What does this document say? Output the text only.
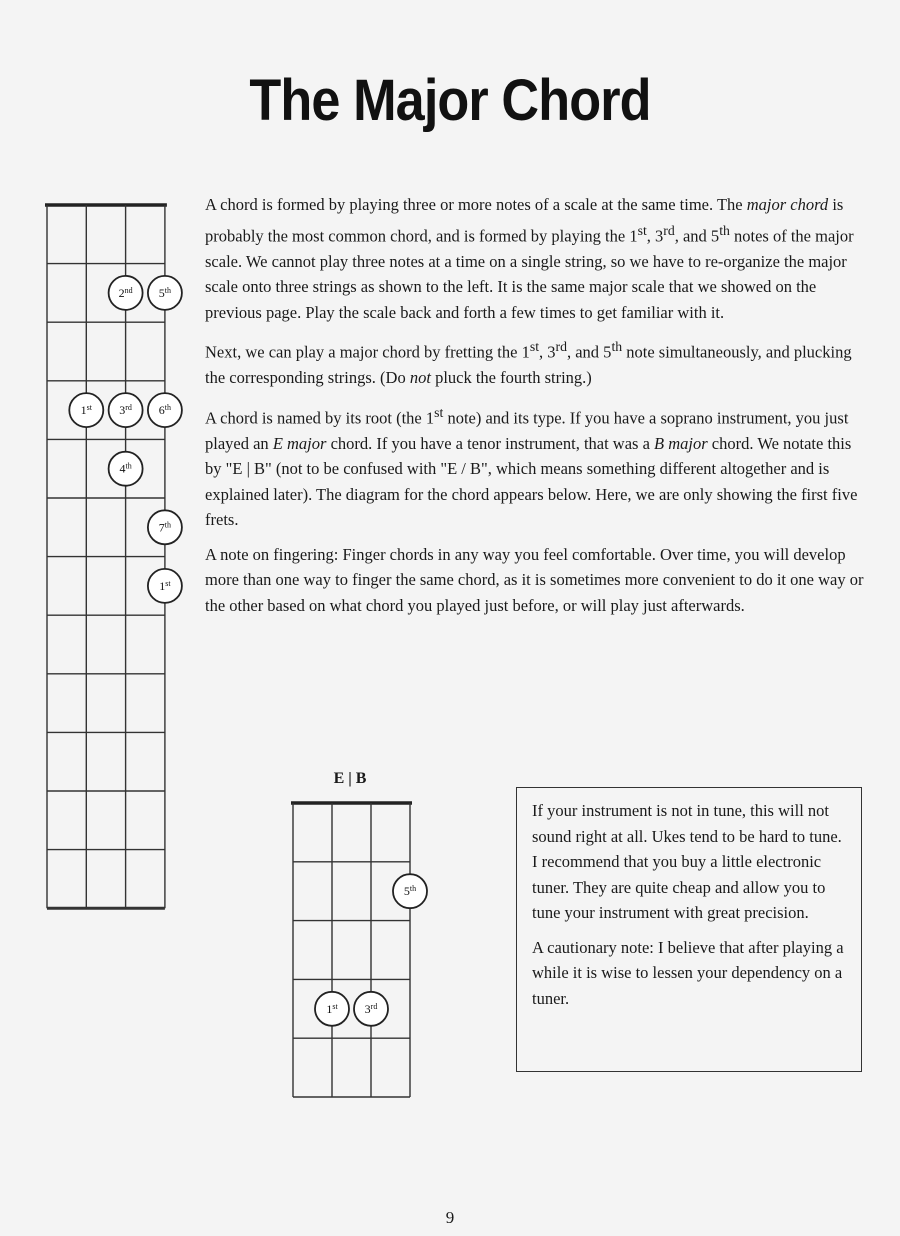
The Major Chord
2nd 5th
1st 3rd 6th
4th
7th
1st
5th
1st 3rd

A chord is formed by playing three or more notes of a scale at the same time. The major chord is probably the most common chord, and is formed by playing the 1st, 3rd, and 5th notes of the major scale. We cannot play three notes at a time on a single string, so we have to re-organize the major scale onto three strings as shown to the left. It is the same major scale that we showed on the previous page. Play the scale back and forth a few times to get familiar with it.

Next, we can play a major chord by fretting the 1st, 3rd, and 5th note simultaneously, and plucking the corresponding strings. (Do not pluck the fourth string.)

A chord is named by its root (the 1st note) and its type. If you have a soprano instrument, you just played an E major chord. If you have a tenor instrument, that was a B major chord. We notate this by "E | B" (not to be confused with "E / B", which means something different altogether and is explained later). The diagram for the chord appears below. Here, we are only showing the first five frets.

A note on fingering: Finger chords in any way you feel comfortable. Over time, you will develop more than one way to finger the same chord, as it is sometimes more convenient to do it one way or the other based on what chord you played just before, or will play just afterwards.

E | B

If your instrument is not in tune, this will not sound right at all. Ukes tend to be hard to tune. I recommend that you buy a little electronic tuner. They are quite cheap and allow you to tune your instrument with great precision.

A cautionary note: I believe that after playing a while it is wise to lessen your dependency on a tuner.

9
